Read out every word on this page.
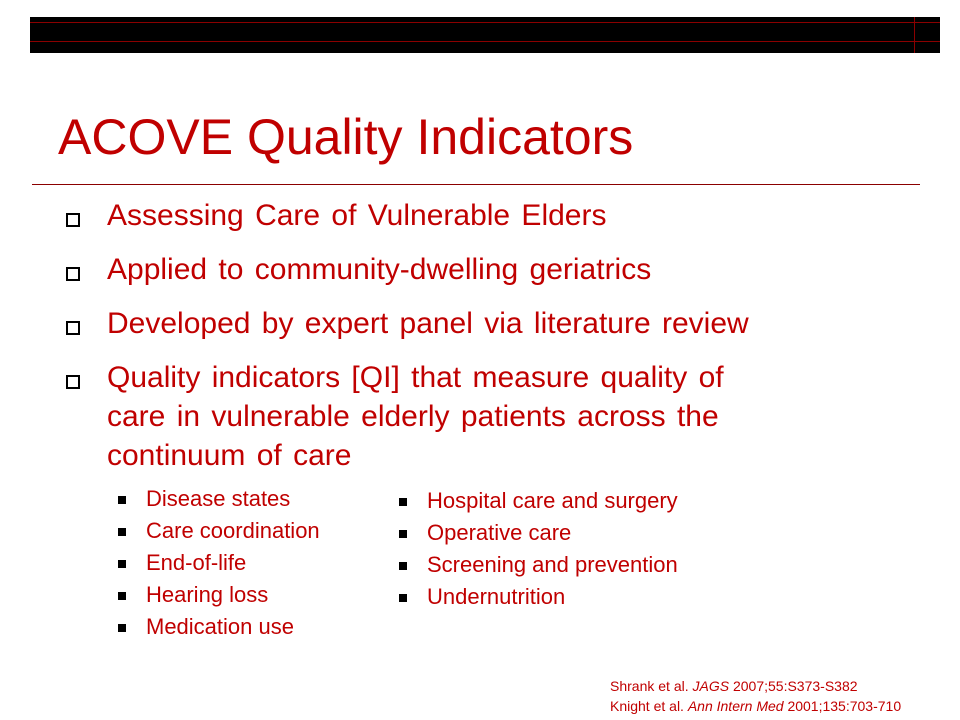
ACOVE Quality Indicators
Assessing Care of Vulnerable Elders
Applied to community-dwelling geriatrics
Developed by expert panel via literature review
Quality indicators [QI] that measure quality of
care in vulnerable elderly patients across the
continuum of care
Disease states
Care coordination
End-of-life
Hearing loss
Medication use
Hospital care and surgery
Operative care
Screening and prevention
Undernutrition
Shrank et al. JAGS 2007;55:S373-S382
Knight et al. Ann Intern Med 2001;135:703-710
